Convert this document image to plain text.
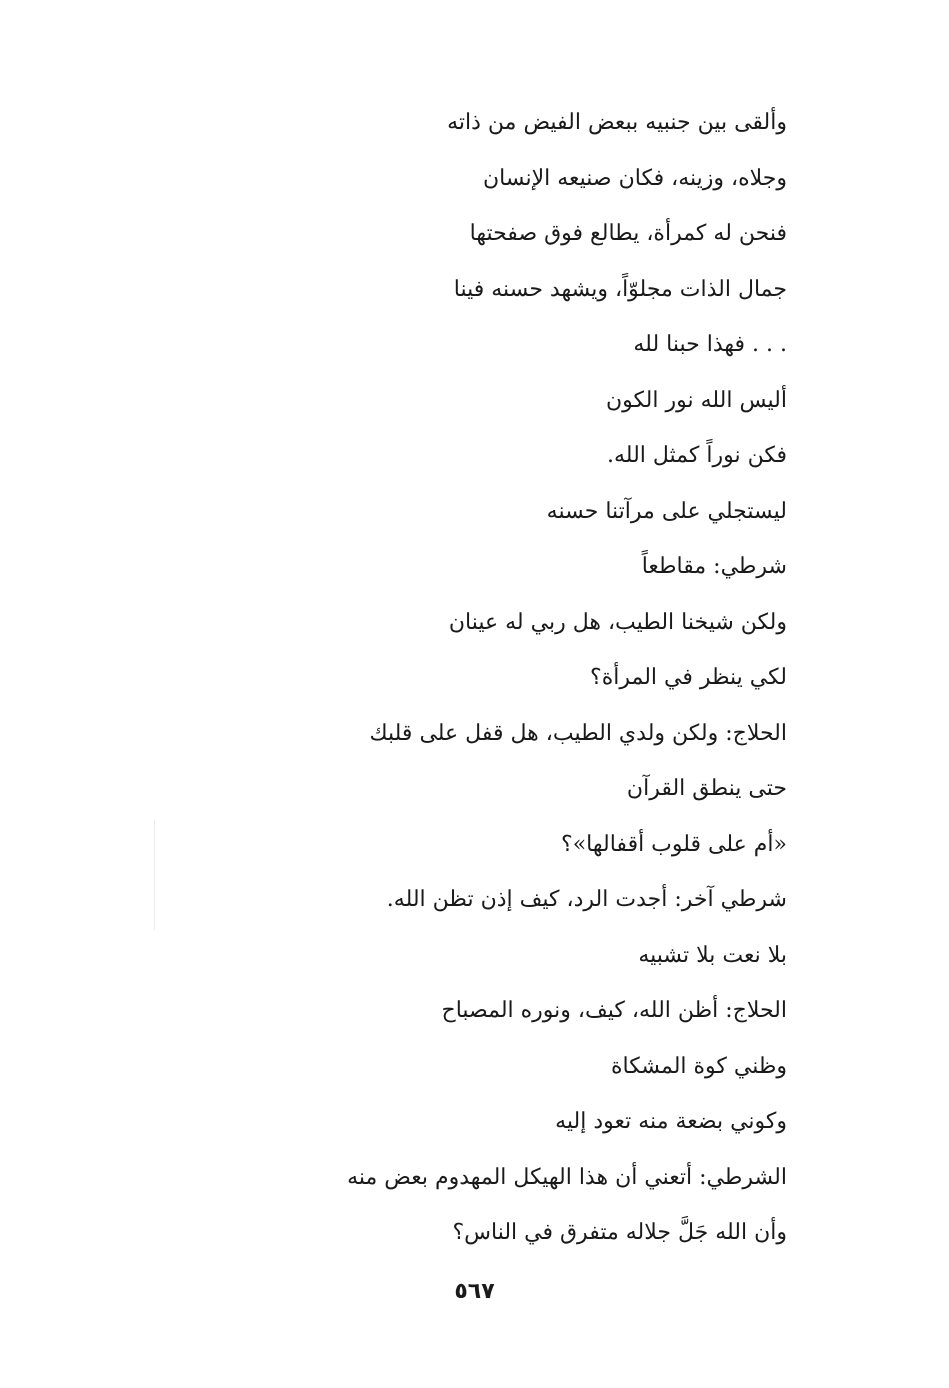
وألقى بين جنبيه ببعض الفيض من ذاته
وجلاه، وزينه، فكان صنيعه الإنسان
فنحن له كمرأة، يطالع فوق صفحتها
جمال الذات مجلوّاً، ويشهد حسنه فينا
. . . فهذا حبنا لله
أليس الله نور الكون
فكن نوراً كمثل الله.
ليستجلي على مرآتنا حسنه
شرطي: مقاطعاً
ولكن شيخنا الطيب، هل ربي له عينان
لكي ينظر في المرأة؟
الحلاج: ولكن ولدي الطيب، هل قفل على قلبك
حتى ينطق القرآن
«أم على قلوب أقفالها»؟
شرطي آخر: أجدت الرد، كيف إذن تظن الله.
بلا نعت بلا تشبيه
الحلاج: أظن الله، كيف، ونوره المصباح
وظني كوة المشكاة
وكوني بضعة منه تعود إليه
الشرطي: أتعني أن هذا الهيكل المهدوم بعض منه
وأن الله جَلَّ جلاله متفرق في الناس؟
٥٦٧
